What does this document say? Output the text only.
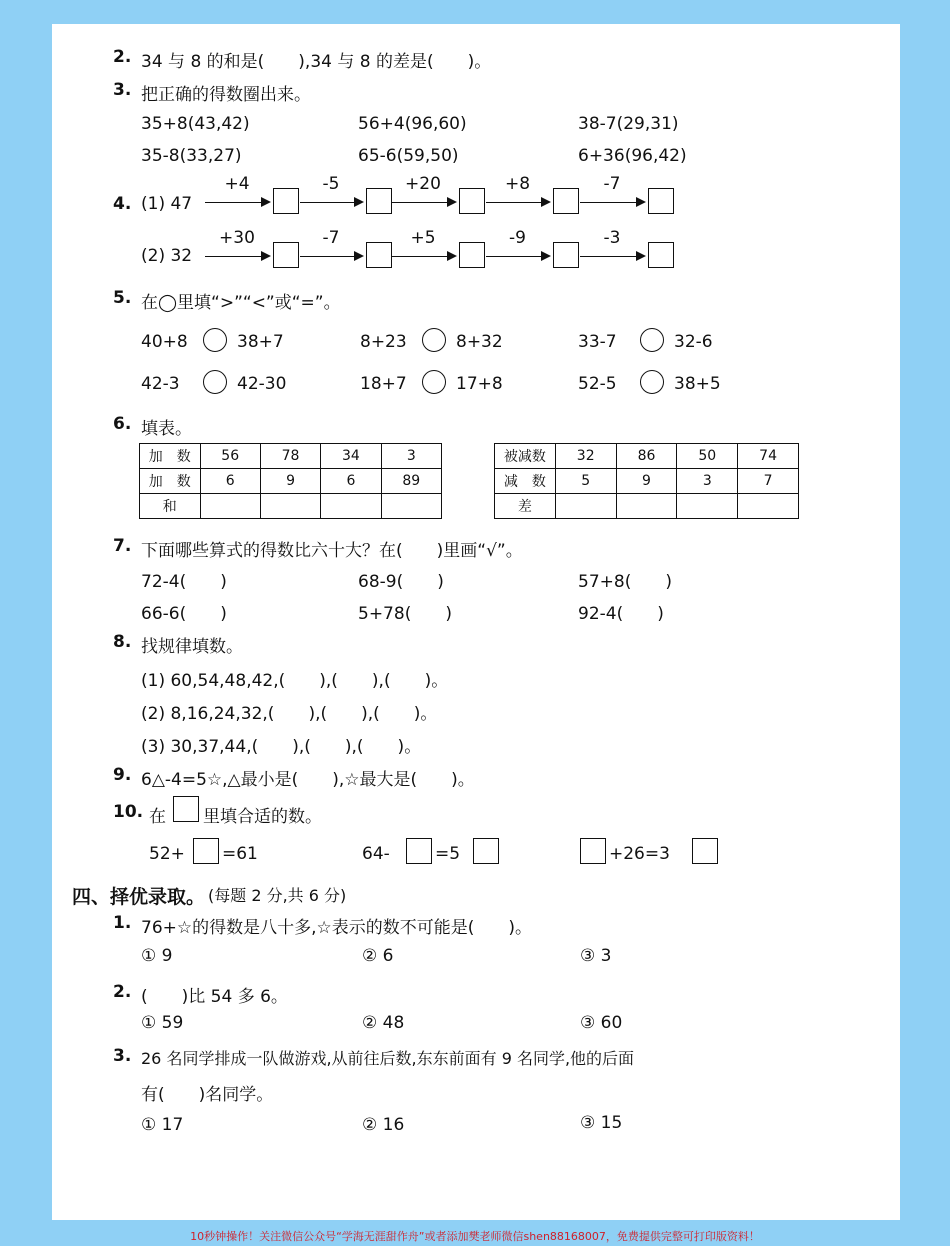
2. 34 与 8 的和是(　　),34 与 8 的差是(　　)。
3. 把正确的得数圈出来。
35+8(43,42)	56+4(96,60)	38-7(29,31)
35-8(33,27)	65-6(59,50)	6+36(96,42)
4. (1) 47
(2) 32
+4	-5	+20	+8	-7
+30	-7	+5	-9	-3
5. 在◯里填“>”“<”或“=”。
40+8	38+7	8+23	8+32	33-7	32-6
42-3	42-30	18+7	17+8	52-5	38+5
6. 填表。
加　数	56	78	34	3
加　数	6	9	6	89
和				
被减数	32	86	50	74
减　数	5	9	3	7
差				
7. 下面哪些算式的得数比六十大？在(　　)里画“√”。
72-4(　　)	68-9(　　)	57+8(　　)
66-6(　　)	5+78(　　)	92-4(　　)
8. 找规律填数。
(1) 60,54,48,42,(　　),(　　),(　　)。
(2) 8,16,24,32,(　　),(　　),(　　)。
(3) 30,37,44,(　　),(　　),(　　)。
9. 6△-4=5☆,△最小是(　　),☆最大是(　　)。
10. 在 里填合适的数。
52+ =61	64-	=5	+26=3
四、择优录取。 (每题 2 分,共 6 分)
1. 76+☆的得数是八十多,☆表示的数不可能是(　　)。
① 9	② 6	③ 3
2. (　　)比 54 多 6。
① 59	② 48	③ 60
3. 26 名同学排成一队做游戏,从前往后数,东东前面有 9 名同学,他的后面
有(　　)名同学。
① 17	② 16	③ 15
10秒钟操作！关注微信公众号“学海无涯甜作舟”或者添加樊老师微信shen88168007，免费提供完整可打印版资料！
